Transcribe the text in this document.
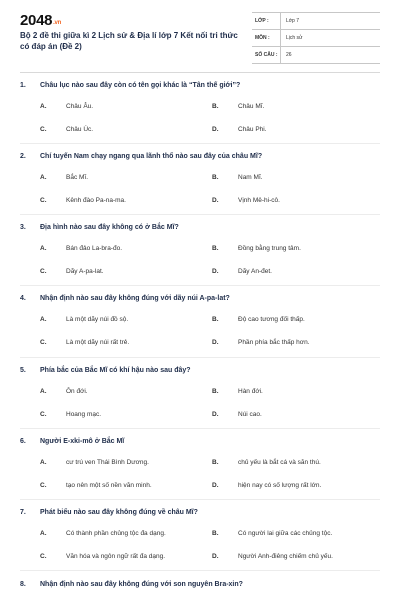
2048.vn
Bộ 2 đề thi giữa kì 2 Lịch sử & Địa lí lớp 7 Kết nối tri thức có đáp án (Đề 2)
LỚP :	Lớp 7
MÔN :	Lịch sử
SỐ CÂU :	26
1.	Châu lục nào sau đây còn có tên gọi khác là “Tân thế giới”?
A.	Châu Âu.	B.	Châu Mĩ.
C.	Châu Úc.	D.	Châu Phi.
2.	Chí tuyến Nam chạy ngang qua lãnh thổ nào sau đây của châu Mĩ?
A.	Bắc Mĩ.	B.	Nam Mĩ.
C.	Kênh đào Pa-na-ma.	D.	Vịnh Mê-hi-cô.
3.	Địa hình nào sau đây không có ở Bắc Mĩ?
A.	Bán đảo La-bra-đo.	B.	Đồng bằng trung tâm.
C.	Dãy A-pa-lat.	D.	Dãy An-đet.
4.	Nhận định nào sau đây không đúng với dãy núi A-pa-lat?
A.	Là một dãy núi đồ sộ.	B.	Độ cao tương đối thấp.
C.	Là một dãy núi rất trẻ.	D.	Phần phía bắc thấp hơn.
5.	Phía bắc của Bắc Mĩ có khí hậu nào sau đây?
A.	Ôn đới.	B.	Hàn đới.
C.	Hoang mạc.	D.	Núi cao.
6.	Người E-xki-mô ở Bắc Mĩ
A.	cư trú ven Thái Bình Dương.	B.	chủ yếu là bắt cá và săn thú.
C.	tạo nên một số nền văn minh.	D.	hiện nay có số lượng rất lớn.
7.	Phát biểu nào sau đây không đúng về châu Mĩ?
A.	Có thành phần chủng tộc đa dạng.	B.	Có người lai giữa các chủng tộc.
C.	Văn hóa và ngôn ngữ rất đa dạng.	D.	Người Anh-điêng chiếm chủ yếu.
8.	Nhận định nào sau đây không đúng với son nguyên Bra-xin?
